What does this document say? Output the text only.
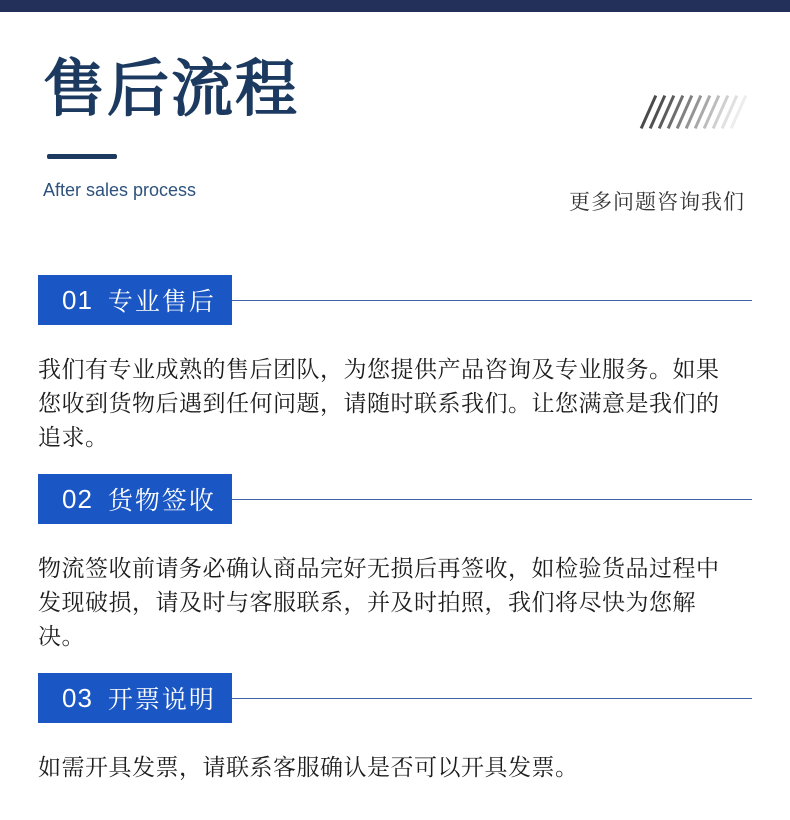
售后流程
After sales process
更多问题咨询我们
01 专业售后
我们有专业成熟的售后团队，为您提供产品咨询及专业服务。如果您收到货物后遇到任何问题，请随时联系我们。让您满意是我们的追求。
02 货物签收
物流签收前请务必确认商品完好无损后再签收，如检验货品过程中发现破损，请及时与客服联系，并及时拍照，我们将尽快为您解决。
03 开票说明
如需开具发票，请联系客服确认是否可以开具发票。
